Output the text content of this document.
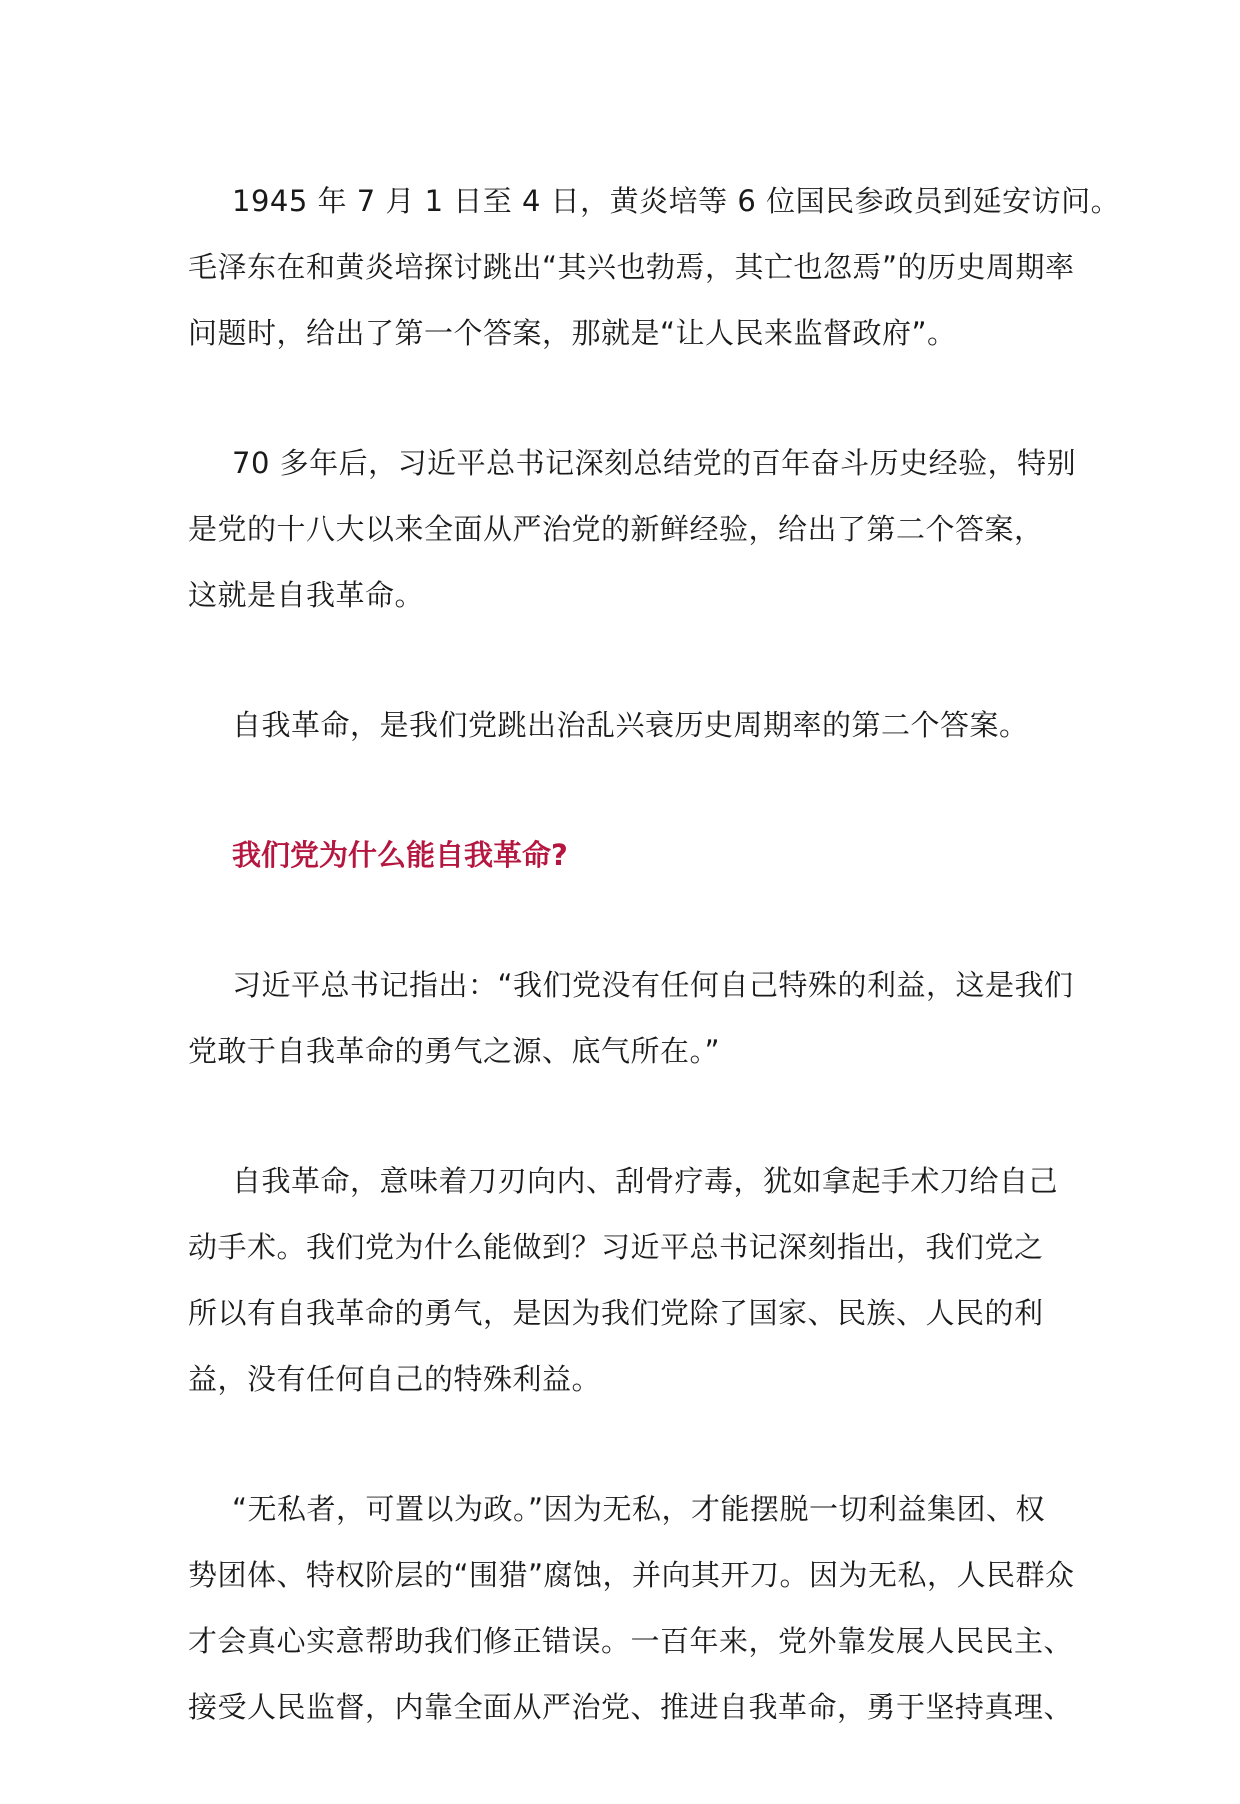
1945 年 7 月 1 日至 4 日，黄炎培等 6 位国民参政员到延安访问。
毛泽东在和黄炎培探讨跳出“其兴也勃焉，其亡也忽焉”的历史周期率
问题时，给出了第一个答案，那就是“让人民来监督政府”。

70 多年后，习近平总书记深刻总结党的百年奋斗历史经验，特别
是党的十八大以来全面从严治党的新鲜经验，给出了第二个答案，
这就是自我革命。

自我革命，是我们党跳出治乱兴衰历史周期率的第二个答案。

我们党为什么能自我革命?

习近平总书记指出：“我们党没有任何自己特殊的利益，这是我们
党敢于自我革命的勇气之源、底气所在。”

自我革命，意味着刀刃向内、刮骨疗毒，犹如拿起手术刀给自己
动手术。我们党为什么能做到？习近平总书记深刻指出，我们党之
所以有自我革命的勇气，是因为我们党除了国家、民族、人民的利
益，没有任何自己的特殊利益。

“无私者，可置以为政。”因为无私，才能摆脱一切利益集团、权
势团体、特权阶层的“围猎”腐蚀，并向其开刀。因为无私，人民群众
才会真心实意帮助我们修正错误。一百年来，党外靠发展人民民主、
接受人民监督，内靠全面从严治党、推进自我革命，勇于坚持真理、
